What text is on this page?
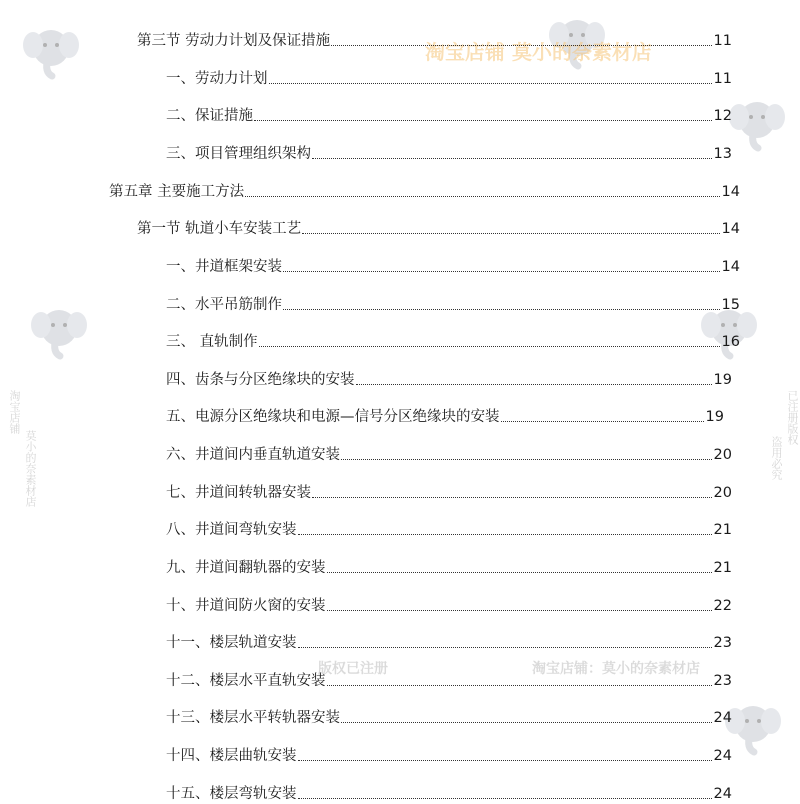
淘宝店铺 莫小的奈素材店
版权已注册	淘宝店铺：莫小的奈素材店
淘宝店铺
莫小的奈素材店
已注册版权
盗用必究
第三节 劳动力计划及保证措施	11
一、劳动力计划	11
二、保证措施	12
三、项目管理组织架构	13
第五章 主要施工方法	14
第一节 轨道小车安装工艺	14
一、井道框架安装	14
二、水平吊筋制作	15
三、 直轨制作	16
四、齿条与分区绝缘块的安装	19
五、电源分区绝缘块和电源—信号分区绝缘块的安装	19
六、井道间内垂直轨道安装	20
七、井道间转轨器安装	20
八、井道间弯轨安装	21
九、井道间翻轨器的安装	21
十、井道间防火窗的安装	22
十一、楼层轨道安装	23
十二、楼层水平直轨安装	23
十三、楼层水平转轨器安装	24
十四、楼层曲轨安装	24
十五、楼层弯轨安装	24
